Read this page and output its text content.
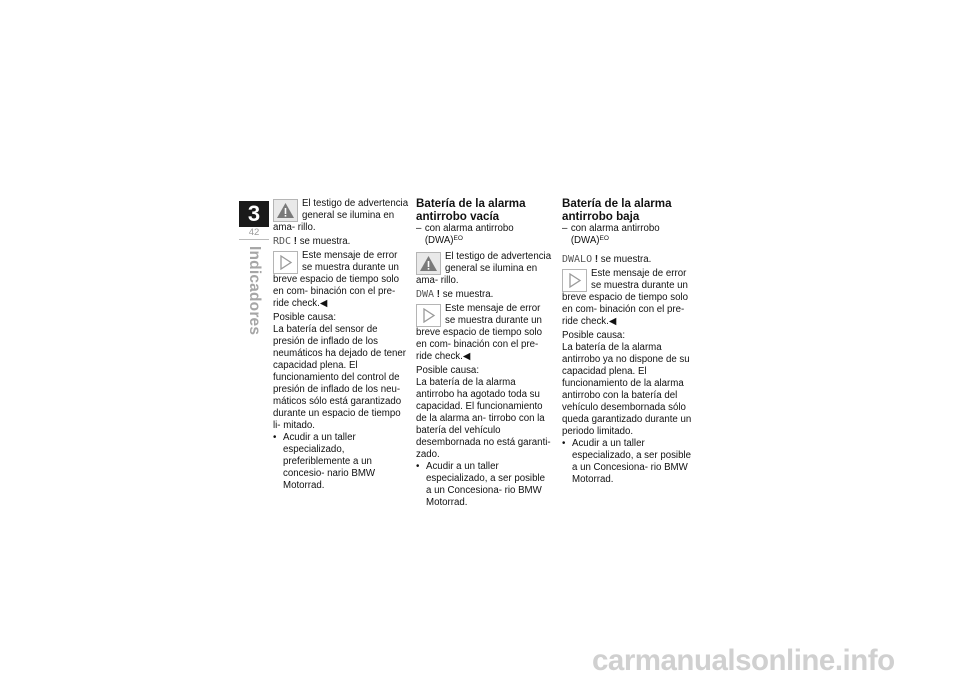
3
42
Indicadores

El testigo de advertencia general se ilumina en ama- rillo.

RDC ! se muestra.

Este mensaje de error se muestra durante un breve espacio de tiempo solo en com- binación con el pre-ride check.◀

Posible causa:

La batería del sensor de presión de inflado de los neumáticos ha dejado de tener capacidad plena. El funcionamiento del control de presión de inflado de los neu- máticos sólo está garantizado durante un espacio de tiempo li- mitado.

• Acudir a un taller especializado, preferiblemente a un concesio- nario BMW Motorrad.

Batería de la alarma antirrobo vacía

– con alarma antirrobo (DWA)$^{EO}$

El testigo de advertencia general se ilumina en ama- rillo.

DWA ! se muestra.

Este mensaje de error se muestra durante un breve espacio de tiempo solo en com- binación con el pre-ride check.◀

Posible causa:

La batería de la alarma antirrobo ha agotado toda su capacidad. El funcionamiento de la alarma an- tirrobo con la batería del vehículo desembornada no está garanti- zado.

• Acudir a un taller especializado, a ser posible a un Concesiona- rio BMW Motorrad.

Batería de la alarma antirrobo baja

– con alarma antirrobo (DWA)$^{EO}$

DWALO ! se muestra.

Este mensaje de error se muestra durante un breve espacio de tiempo solo en com- binación con el pre-ride check.◀

Posible causa:

La batería de la alarma antirrobo ya no dispone de su capacidad plena. El funcionamiento de la alarma antirrobo con la batería del vehículo desembornada sólo queda garantizado durante un periodo limitado.

• Acudir a un taller especializado, a ser posible a un Concesiona- rio BMW Motorrad.

carmanualsonline.info
